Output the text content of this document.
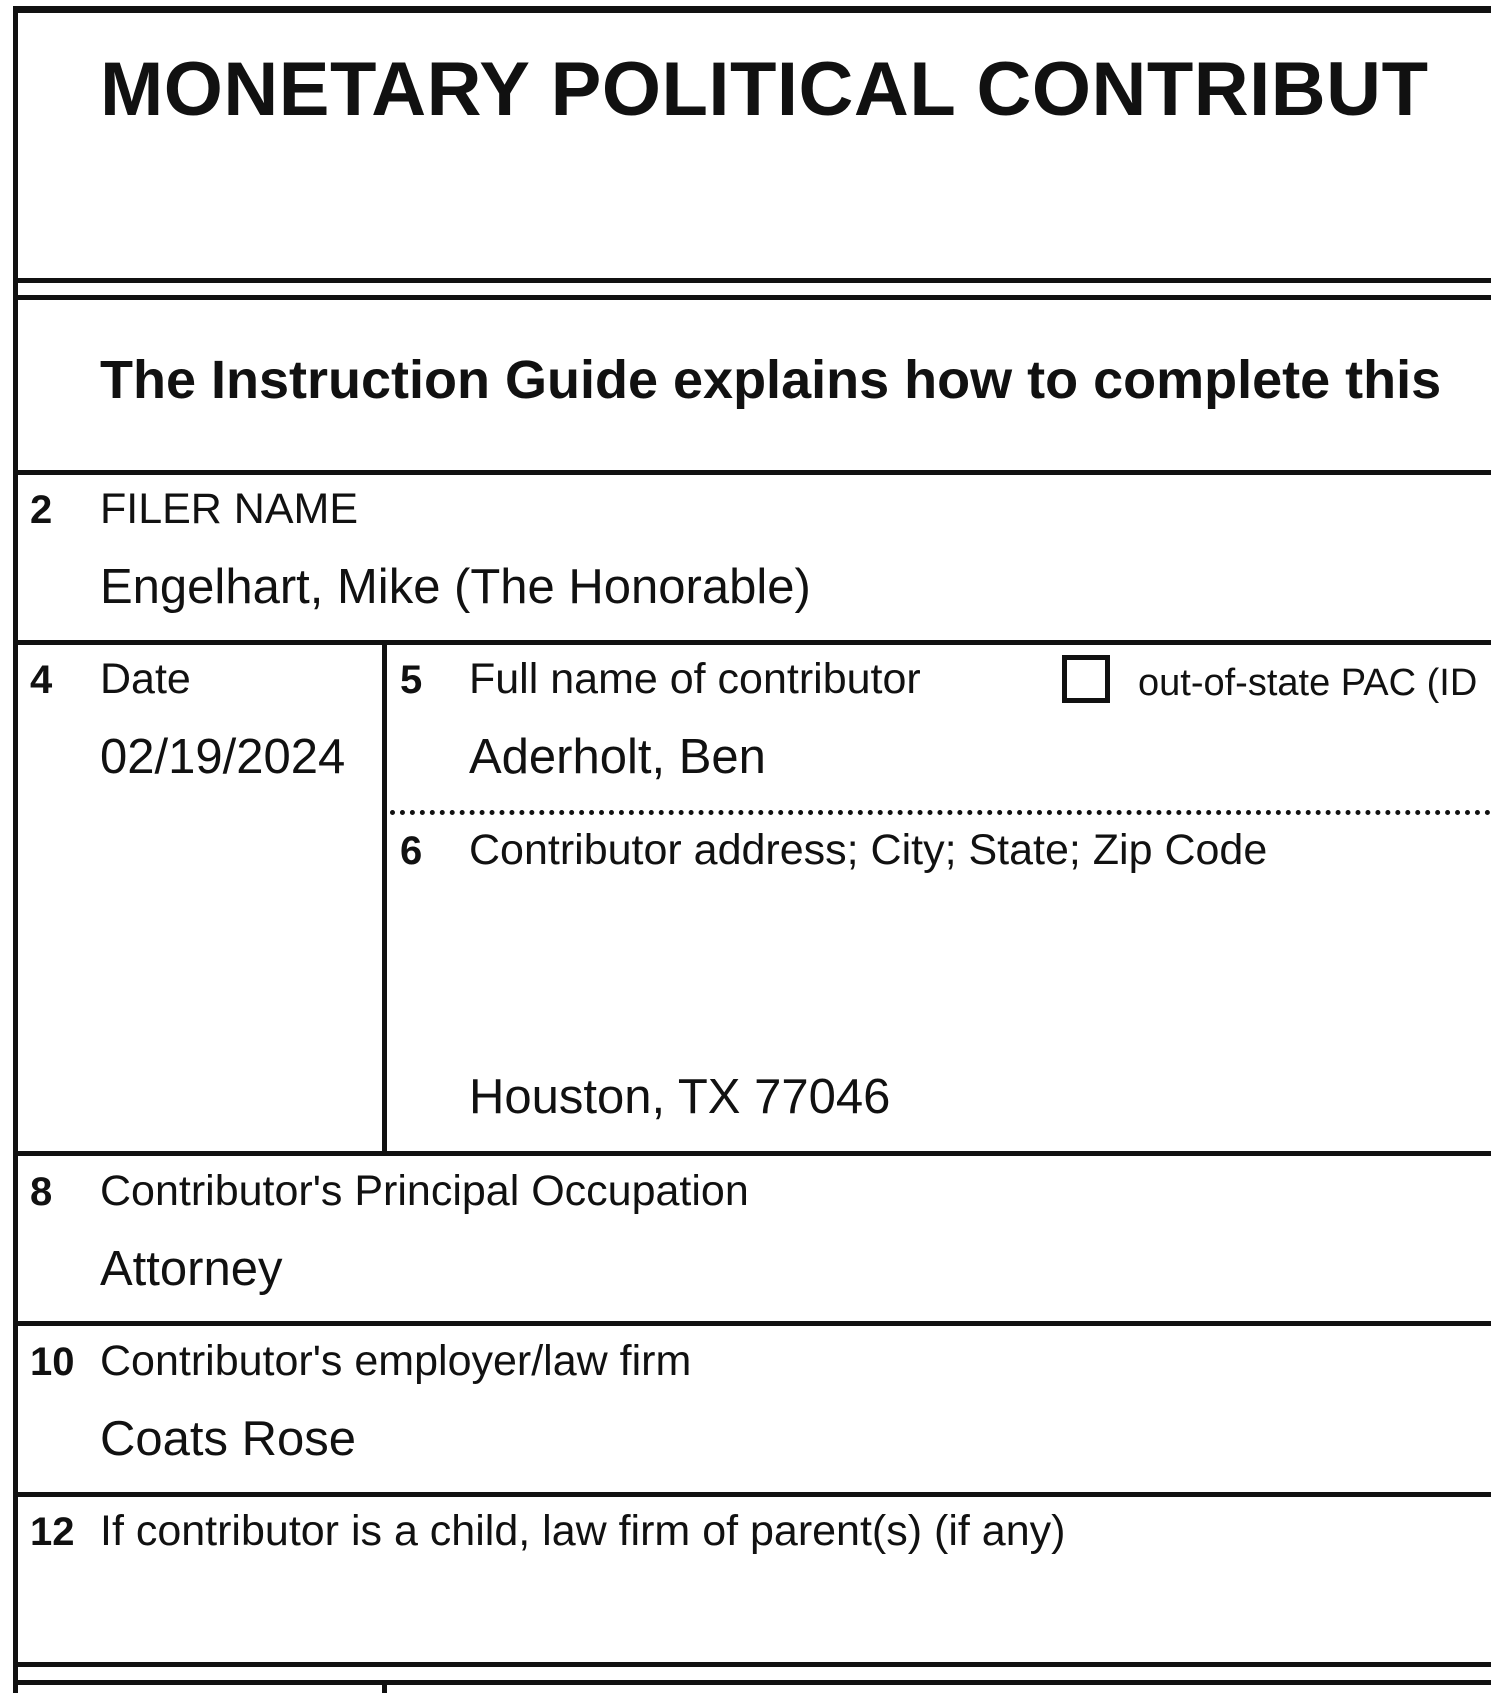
MONETARY POLITICAL CONTRIBUT
The Instruction Guide explains how to complete this
2 FILER NAME
Engelhart, Mike (The Honorable)
4 Date
02/19/2024
5 Full name of contributor	out-of-state PAC (ID
Aderholt, Ben
6 Contributor address; City; State; Zip Code
Houston, TX 77046
8 Contributor's Principal Occupation
Attorney
10 Contributor's employer/law firm
Coats Rose
12 If contributor is a child, law firm of parent(s) (if any)
